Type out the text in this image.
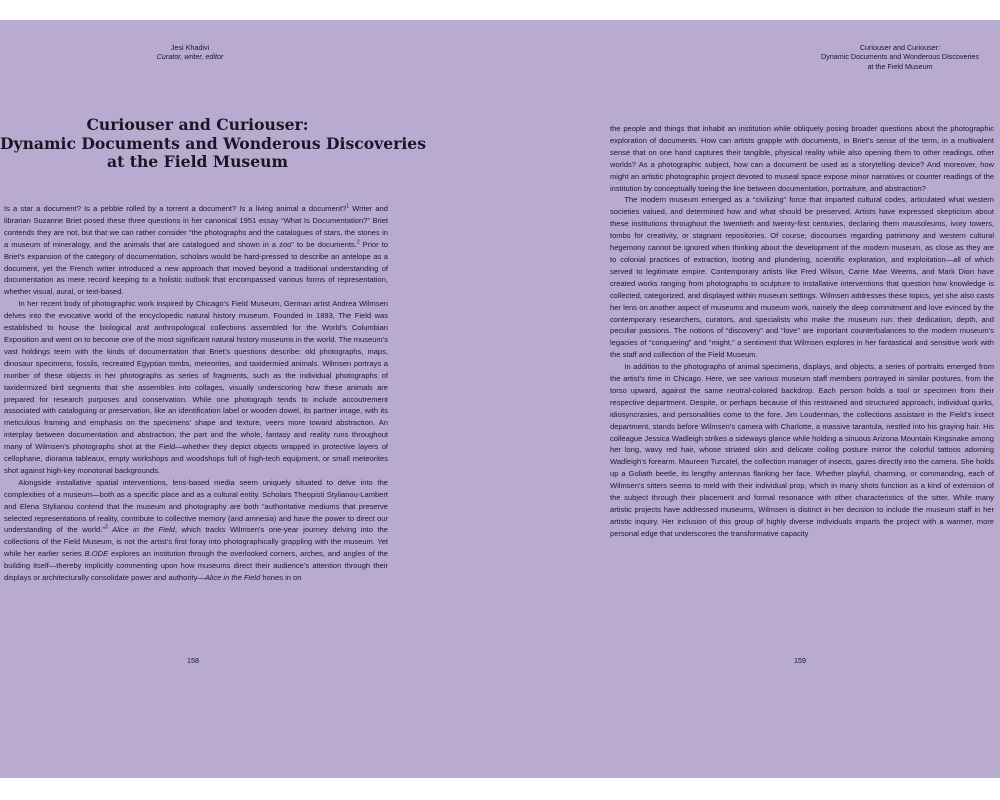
Jesi Khadivi
Curator, writer, editor
Curiouser and Curiouser:
Dynamic Documents and Wonderous Discoveries
at the Field Museum

Is a star a document? Is a pebble rolled by a torrent a document? Is a living animal a document?$^1$ Writer and librarian Suzanne Briet posed these three questions in her canonical 1951 essay “What Is Documentation?” Briet contends they are not, but that we can rather consider “the photographs and the catalogues of stars, the stones in a museum of mineralogy, and the animals that are catalogued and shown in a zoo” to be documents.$^2$ Prior to Briet’s expansion of the category of documentation, scholars would be hard-pressed to describe an antelope as a document, yet the French writer introduced a new approach that moved beyond a traditional understanding of documentation as mere record keeping to a holistic outlook that encompassed various forms of representation, whether visual, aural, or text-based.

In her recent body of photographic work inspired by Chicago’s Field Museum, German artist Andrea Wilmsen delves into the evocative world of the encyclopedic natural history museum. Founded in 1893, The Field was established to house the biological and anthropological collections assembled for the World’s Columbian Exposition and went on to become one of the most significant natural history museums in the world. The museum’s vast holdings teem with the kinds of documentation that Briet’s questions describe: old photographs, maps, dinosaur specimens, fossils, recreated Egyptian tombs, meteorites, and taxidermied animals. Wilmsen portrays a number of these objects in her photographs as series of fragments, such as the individual photographs of taxidermized bird segments that she assembles into collages, visually underscoring how these animals are prepared for research purposes and conservation. While one photograph tends to include accoutrement associated with cataloguing or preservation, like an identification label or wooden dowel, its partner image, with its meticulous framing and emphasis on the specimens’ shape and texture, veers more toward abstraction. An interplay between documentation and abstraction, the part and the whole, fantasy and reality runs throughout many of Wilmsen’s photographs shot at the Field—whether they depict objects wrapped in protective layers of cellophane, diorama tableaux, empty workshops and woodshops full of high-tech equipment, or small meteorites shot against high-key monotonal backgrounds.

Alongside installative spatial interventions, lens-based media seem uniquely situated to delve into the complexities of a museum—both as a specific place and as a cultural entity. Scholars Theopisti Stylianou-Lambert and Elena Stylianou contend that the museum and photography are both “authoritative mediums that preserve selected representations of reality, contribute to collective memory (and amnesia) and have the power to direct our understanding of the world.”$^3$ Alice in the Field, which tracks Wilmsen’s one-year journey delving into the collections of the Field Museum, is not the artist’s first foray into photographically grappling with the museum. Yet while her earlier series B.ODE explores an institution through the overlooked corners, arches, and angles of the building itself—thereby implicitly commenting upon how museums direct their audience’s attention through their displays or architecturally consolidate power and authority—Alice in the Field hones in on

158
Curiouser and Curiouser:
Dynamic Documents and Wonderous Discoveries
at the Field Museum

the people and things that inhabit an institution while obliquely posing broader questions about the photographic exploration of documents. How can artists grapple with documents, in Briet’s sense of the term, in a multivalent sense that on one hand captures their tangible, physical reality while also opening them to other readings, other worlds? As a photographic subject, how can a document be used as a storytelling device? And moreover, how might an artistic photographic project devoted to museal space expose minor narratives or counter readings of the institution by conceptually toeing the line between documentation, portraiture, and abstraction?

The modern museum emerged as a “civilizing” force that imparted cultural codes, articulated what western societies valued, and determined how and what should be preserved. Artists have expressed skepticism about these institutions throughout the twentieth and twenty-first centuries, declaring them mausoleums, ivory towers, tombs for creativity, or stagnant repositories. Of course, discourses regarding patrimony and western cultural hegemony cannot be ignored when thinking about the development of the modern museum, as close as they are to colonial practices of extraction, looting and plundering, scientific exploration, and exploitation—all of which served to legitimate empire. Contemporary artists like Fred Wilson, Carrie Mae Weems, and Mark Dion have created works ranging from photographs to sculpture to installative interventions that question how knowledge is collected, categorized, and displayed within museum settings. Wilmsen addresses these topics, yet she also casts her lens on another aspect of museums and museum work, namely the deep commitment and love evinced by the contemporary researchers, curators, and specialists who make the museum run: their dedication, depth, and peculiar passions. The notions of “discovery” and “love” are important counterbalances to the modern museum’s legacies of “conquering” and “might,” a sentiment that Wilmsen explores in her fantastical and sensitive work with the staff and collection of the Field Museum.

In addition to the photographs of animal specimens, displays, and objects, a series of portraits emerged from the artist’s time in Chicago. Here, we see various museum staff members portrayed in similar postures, from the torso upward, against the same neutral-colored backdrop. Each person holds a tool or specimen from their respective department. Despite, or perhaps because of this restrained and structured approach, individual quirks, idiosyncrasies, and personalities come to the fore. Jim Louderman, the collections assistant in the Field’s insect department, stands before Wilmsen’s camera with Charlotte, a massive tarantula, nestled into his graying hair. His colleague Jessica Wadleigh strikes a sideways glance while holding a sinuous Arizona Mountain Kingsnake among her long, wavy red hair, whose striated skin and delicate coiling posture mirror the colorful tattoos adorning Wadleigh’s forearm. Maureen Turcatel, the collection manager of insects, gazes directly into the camera. She holds up a Goliath beetle, its lengthy antennas flanking her face. Whether playful, charming, or commanding, each of Wilmsen’s sitters seems to meld with their individual prop, which in many shots function as a kind of extension of the subject through their placement and formal resonance with other characteristics of the sitter. While many artistic projects have addressed museums, Wilmsen is distinct in her decision to include the museum staff in her artistic inquiry. Her inclusion of this group of highly diverse individuals imparts the project with a warmer, more personal edge that underscores the transformative capacity

159
